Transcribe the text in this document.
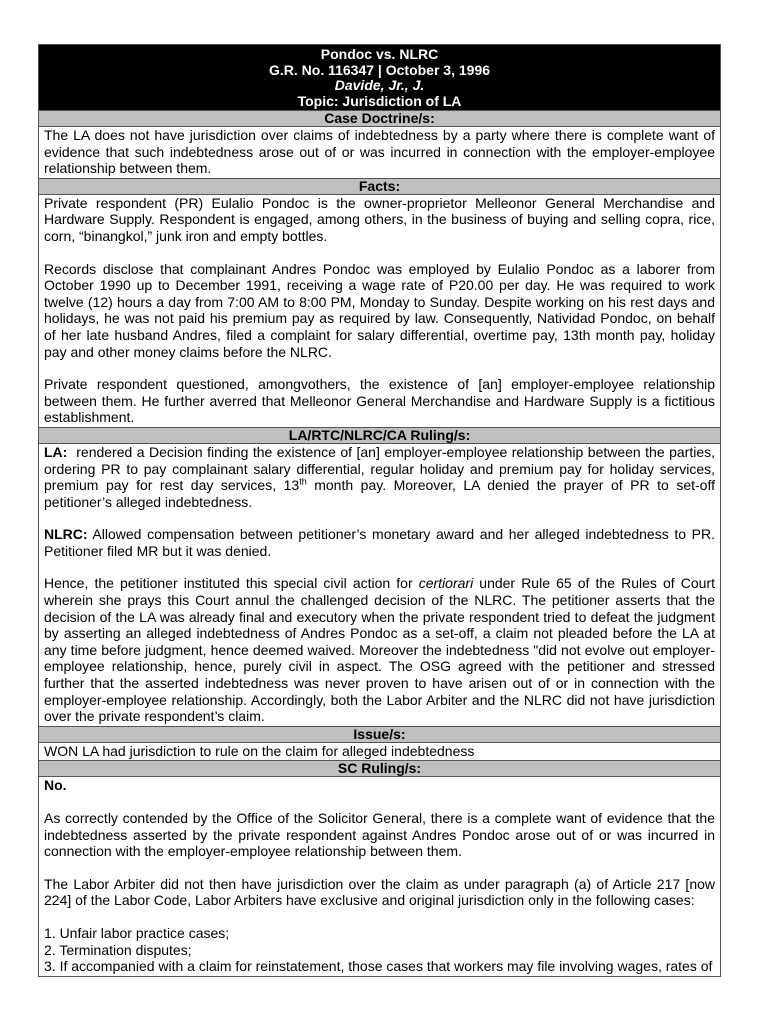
Pondoc vs. NLRC
G.R. No. 116347 | October 3, 1996
Davide, Jr., J.
Topic: Jurisdiction of LA
Case Doctrine/s:

The LA does not have jurisdiction over claims of indebtedness by a party where there is complete want of evidence that such indebtedness arose out of or was incurred in connection with the employer-employee relationship between them.

Facts:

Private respondent (PR) Eulalio Pondoc is the owner-proprietor Melleonor General Merchandise and Hardware Supply. Respondent is engaged, among others, in the business of buying and selling copra, rice, corn, “binangkol,” junk iron and empty bottles.

Records disclose that complainant Andres Pondoc was employed by Eulalio Pondoc as a laborer from October 1990 up to December 1991, receiving a wage rate of P20.00 per day. He was required to work twelve (12) hours a day from 7:00 AM to 8:00 PM, Monday to Sunday. Despite working on his rest days and holidays, he was not paid his premium pay as required by law. Consequently, Natividad Pondoc, on behalf of her late husband Andres, filed a complaint for salary differential, overtime pay, 13th month pay, holiday pay and other money claims before the NLRC.

Private respondent questioned, amongvothers, the existence of [an] employer-employee relationship between them. He further averred that Melleonor General Merchandise and Hardware Supply is a fictitious establishment.

LA/RTC/NLRC/CA Ruling/s:

LA: rendered a Decision finding the existence of [an] employer-employee relationship between the parties, ordering PR to pay complainant salary differential, regular holiday and premium pay for holiday services, premium pay for rest day services, 13th month pay. Moreover, LA denied the prayer of PR to set-off petitioner’s alleged indebtedness.

NLRC: Allowed compensation between petitioner’s monetary award and her alleged indebtedness to PR. Petitioner filed MR but it was denied.

Hence, the petitioner instituted this special civil action for certiorari under Rule 65 of the Rules of Court wherein she prays this Court annul the challenged decision of the NLRC. The petitioner asserts that the decision of the LA was already final and executory when the private respondent tried to defeat the judgment by asserting an alleged indebtedness of Andres Pondoc as a set-off, a claim not pleaded before the LA at any time before judgment, hence deemed waived. Moreover the indebtedness "did not evolve out employer-employee relationship, hence, purely civil in aspect. The OSG agreed with the petitioner and stressed further that the asserted indebtedness was never proven to have arisen out of or in connection with the employer-employee relationship. Accordingly, both the Labor Arbiter and the NLRC did not have jurisdiction over the private respondent’s claim.

Issue/s:

WON LA had jurisdiction to rule on the claim for alleged indebtedness

SC Ruling/s:

No.

As correctly contended by the Office of the Solicitor General, there is a complete want of evidence that the indebtedness asserted by the private respondent against Andres Pondoc arose out of or was incurred in connection with the employer-employee relationship between them.

The Labor Arbiter did not then have jurisdiction over the claim as under paragraph (a) of Article 217 [now 224] of the Labor Code, Labor Arbiters have exclusive and original jurisdiction only in the following cases:

1. Unfair labor practice cases;

2. Termination disputes;

3. If accompanied with a claim for reinstatement, those cases that workers may file involving wages, rates of
